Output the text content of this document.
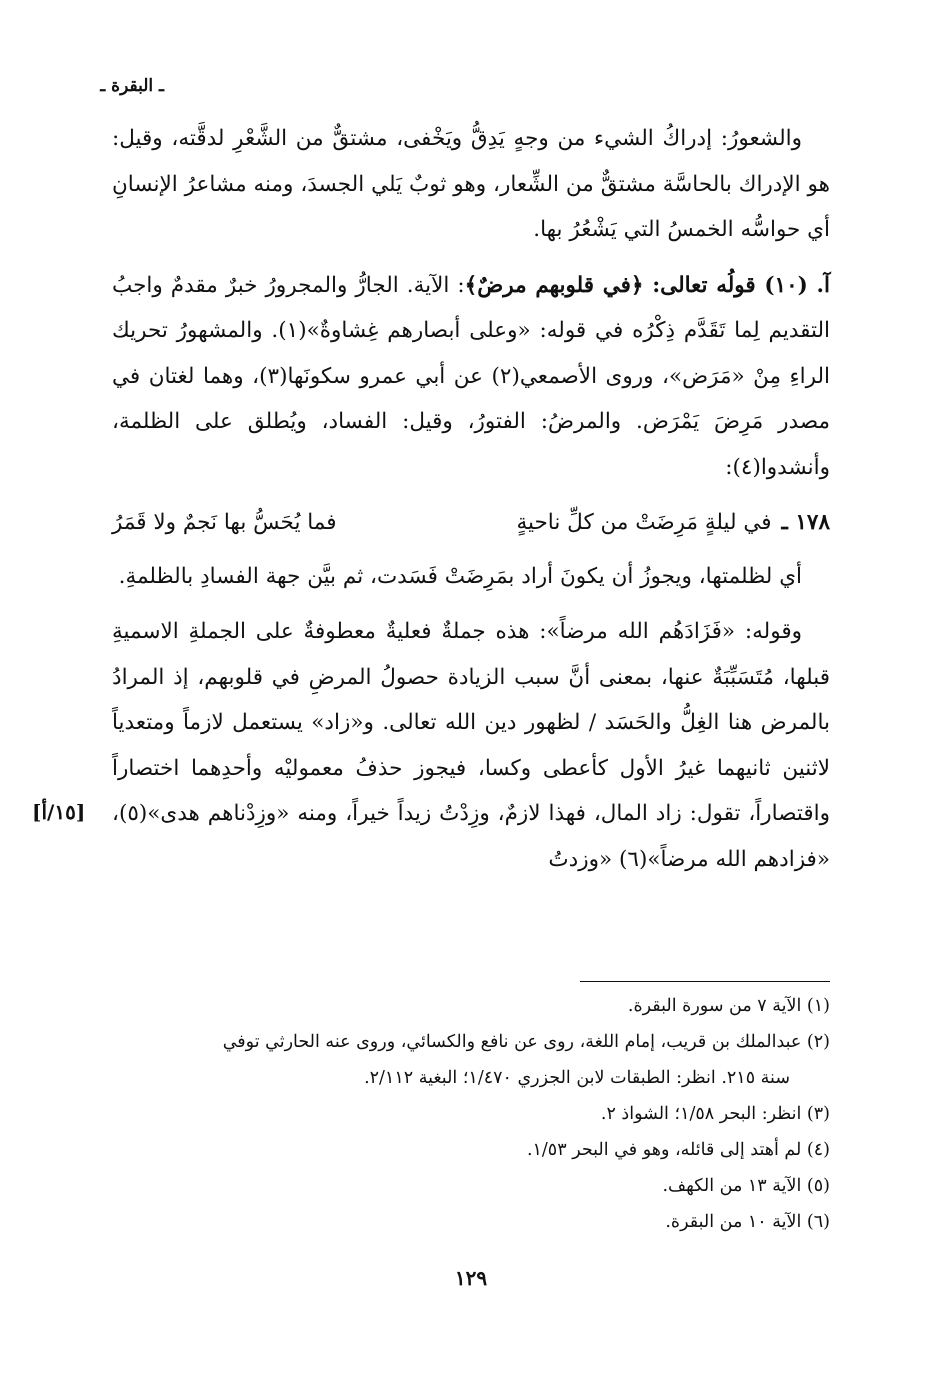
ـ البقرة ـ

والشعورُ: إدراكُ الشيء من وجهٍ يَدِقُّ ويَخْفى، مشتقٌّ من الشَّعْرِ لدقَّته، وقيل: هو الإدراك بالحاسَّة مشتقٌّ من الشِّعار، وهو ثوبٌ يَلي الجسدَ، ومنه مشاعرُ الإنسانِ أي حواسُّه الخمسُ التي يَشْعُرُ بها.

آ. (١٠) قولُه تعالى: ﴿في قلوبهم مرضٌ﴾: الآية. الجارُّ والمجرورُ خبرٌ مقدمٌ واجبُ التقديم لِما تَقَدَّم ذِكْرُه في قوله: «وعلى أبصارهم غِشاوةٌ»(١). والمشهورُ تحريك الراءِ مِنْ «مَرَض»، وروى الأصمعي(٢) عن أبي عمرو سكونَها(٣)، وهما لغتان في مصدر مَرِضَ يَمْرَض. والمرضُ: الفتورُ، وقيل: الفساد، ويُطلق على الظلمة، وأنشدوا(٤):

١٧٨ ـ
في ليلةٍ مَرِضَتْ من كلِّ ناحيةٍ
فما يُحَسُّ بها نَجمٌ ولا قَمَرُ

أي لظلمتها، ويجوزُ أن يكونَ أراد بمَرِضَتْ فَسَدت، ثم بيَّن جهة الفسادِ بالظلمةِ.

وقوله: «فَزَادَهُم الله مرضاً»: هذه جملةٌ فعليةٌ معطوفةٌ على الجملةِ الاسميةِ قبلها، مُتَسَبِّبَةٌ عنها، بمعنى أنَّ سبب الزيادة حصولُ المرضِ في قلوبهم، إذ المرادُ بالمرض هنا الغِلُّ والحَسَد / لظهور دين الله تعالى. و«زاد» يستعمل لازماً ومتعدياً لاثنين ثانيهما غيرُ الأول كأعطى وكسا، فيجوز حذفُ معموليْه وأحدِهما اختصاراً واقتصاراً، تقول: زاد المال، فهذا لازمٌ، وزِدْتُ زيداً خيراً، ومنه «وزِدْناهم هدى»(٥)، «فزادهم الله مرضاً»(٦) «وزدتُ

[١٥/أ]

(١) الآية ٧ من سورة البقرة.

(٢) عبدالملك بن قريب، إمام اللغة، روى عن نافع والكسائي، وروى عنه الحارثي توفي

سنة ٢١٥. انظر: الطبقات لابن الجزري ١/٤٧٠؛ البغية ٢/١١٢.

(٣) انظر: البحر ١/٥٨؛ الشواذ ٢.

(٤) لم أهتد إلى قائله، وهو في البحر ١/٥٣.

(٥) الآية ١٣ من الكهف.

(٦) الآية ١٠ من البقرة.

١٢٩
